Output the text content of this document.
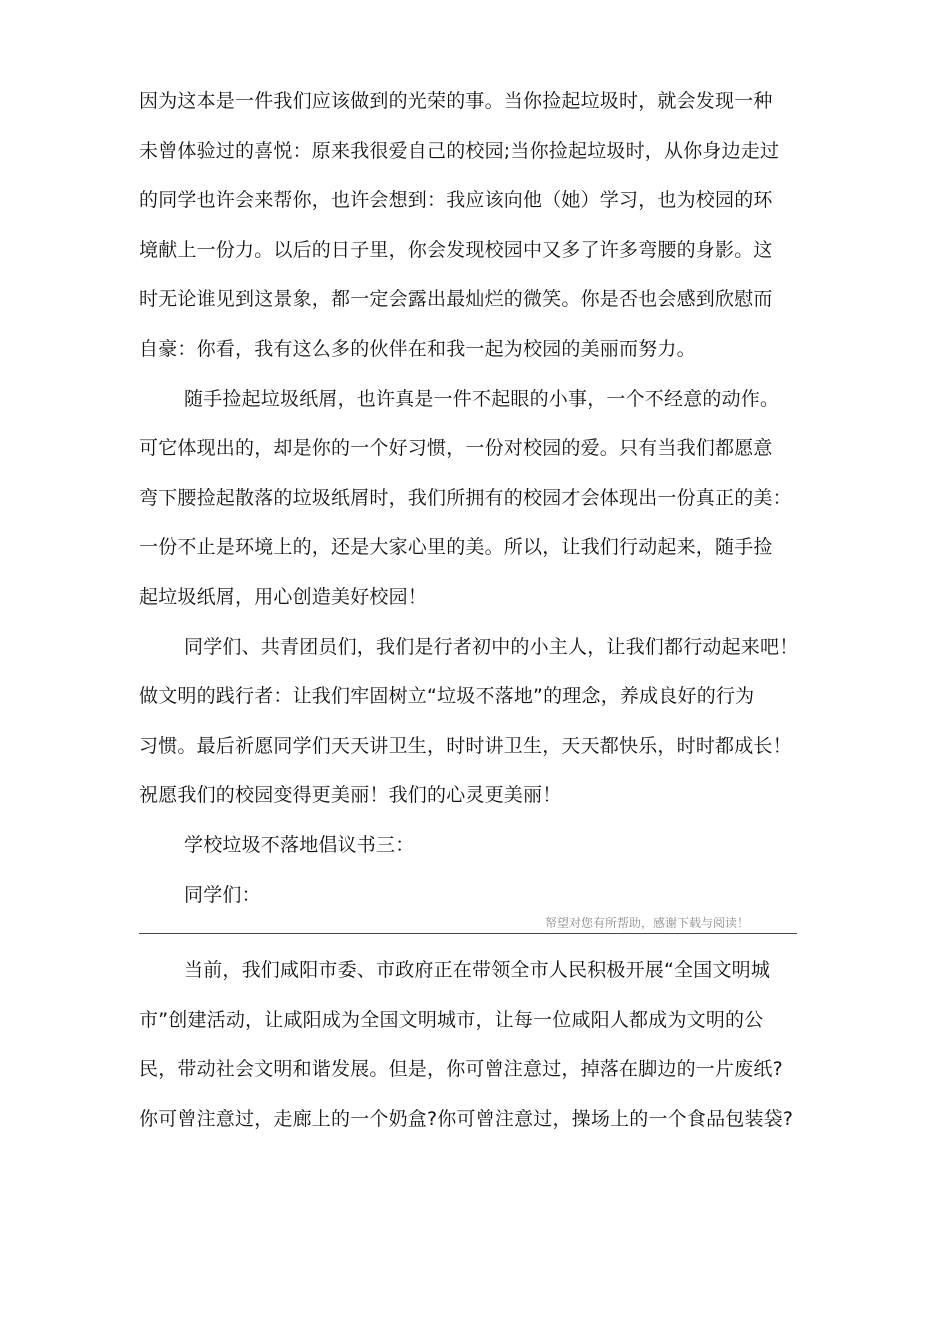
因为这本是一件我们应该做到的光荣的事。当你捡起垃圾时，就会发现一种
未曾体验过的喜悦：原来我很爱自己的校园;当你捡起垃圾时，从你身边走过
的同学也许会来帮你，也许会想到：我应该向他（她）学习，也为校园的环
境献上一份力。以后的日子里，你会发现校园中又多了许多弯腰的身影。这
时无论谁见到这景象，都一定会露出最灿烂的微笑。你是否也会感到欣慰而
自豪：你看，我有这么多的伙伴在和我一起为校园的美丽而努力。
随手捡起垃圾纸屑，也许真是一件不起眼的小事，一个不经意的动作。
可它体现出的，却是你的一个好习惯，一份对校园的爱。只有当我们都愿意
弯下腰捡起散落的垃圾纸屑时，我们所拥有的校园才会体现出一份真正的美：
一份不止是环境上的，还是大家心里的美。所以，让我们行动起来，随手捡
起垃圾纸屑，用心创造美好校园！
同学们、共青团员们，我们是行者初中的小主人，让我们都行动起来吧！
做文明的践行者：让我们牢固树立“垃圾不落地”的理念，养成良好的行为
习惯。最后祈愿同学们天天讲卫生，时时讲卫生，天天都快乐，时时都成长！
祝愿我们的校园变得更美丽！我们的心灵更美丽！
学校垃圾不落地倡议书三：
同学们：
帑望对您有所帮助，感谢下载与阅读！
当前，我们咸阳市委、市政府正在带领全市人民积极开展“全国文明城
市”创建活动，让咸阳成为全国文明城市，让每一位咸阳人都成为文明的公
民，带动社会文明和谐发展。但是，你可曾注意过，掉落在脚边的一片废纸?
你可曾注意过，走廊上的一个奶盒?你可曾注意过，操场上的一个食品包装袋?
